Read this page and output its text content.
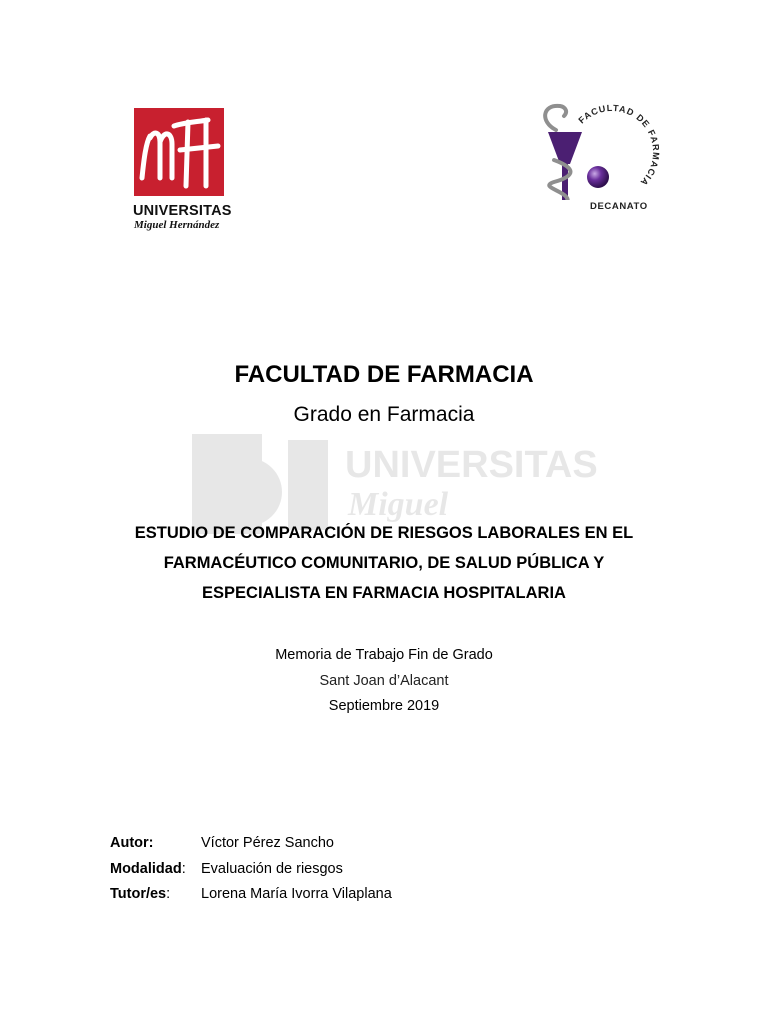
UNIVERSITAS
Miguel Hernández
FACULTAD DE FARMACIA
DECANATO
UNIVERSITAS
Miguel
FACULTAD DE FARMACIA
Grado en Farmacia
ESTUDIO DE COMPARACIÓN DE RIESGOS LABORALES EN EL
FARMACÉUTICO COMUNITARIO, DE SALUD PÚBLICA Y
ESPECIALISTA EN FARMACIA HOSPITALARIA
Memoria de Trabajo Fin de Grado
Sant Joan d’Alacant
Septiembre 2019
Autor:	Víctor Pérez Sancho
Modalidad: Evaluación de riesgos
Tutor/es: Lorena María Ivorra Vilaplana
